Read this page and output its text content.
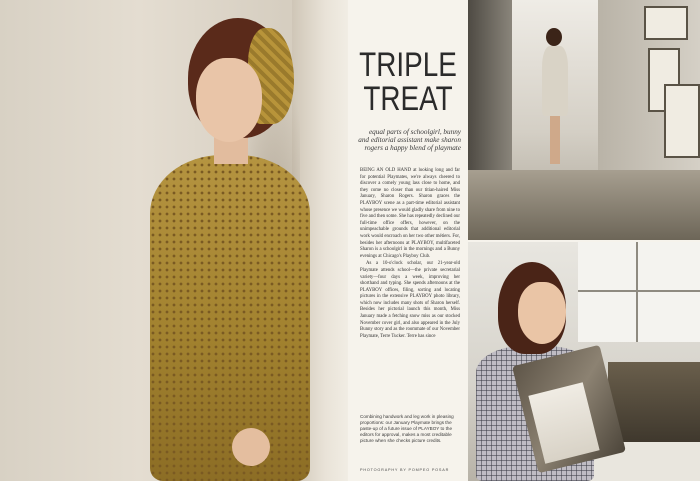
TRIPLE
TREAT

equal parts of schoolgirl, bunny and editorial assistant make sharon rogers a happy blend of playmate

BEING AN OLD HAND at looking long and far for potential Playmates, we're always cheered to discover a comely young lass close to home, and they come no closer than our titian-haired Miss January, Sharon Rogers. Sharon graces the PLAYBOY scene as a part-time editorial assistant whose presence we would gladly share from nine to five and then some. She has repeatedly declined our full-time office offers, however, on the unimpeachable grounds that additional editorial work would encroach on her two other métiers. For, besides her afternoons at PLAYBOY, multifaceted Sharon is a schoolgirl in the mornings and a Bunny evenings at Chicago's Playboy Club.

As a 10-o'clock scholar, our 21-year-old Playmate attends school—the private secretarial variety—four days a week, improving her shorthand and typing. She spends afternoons at the PLAYBOY offices, filing, sorting and locating pictures in the extensive PLAYBOY photo library, which now includes many shots of Sharon herself. Besides her pictorial launch this month, Miss January made a fetching snow miss as our stocked November cover girl, and also appeared in the July Bunny story and as the roommate of our November Playmate, Terre Tucker. Terre has since

Combining handwork and leg work in pleasing proportions: our January Playmate brings the paste-up of a future issue of PLAYBOY to the editors for approval, makes a most creditable picture when she checks picture credits.

PHOTOGRAPHY BY POMPEO POSAR
